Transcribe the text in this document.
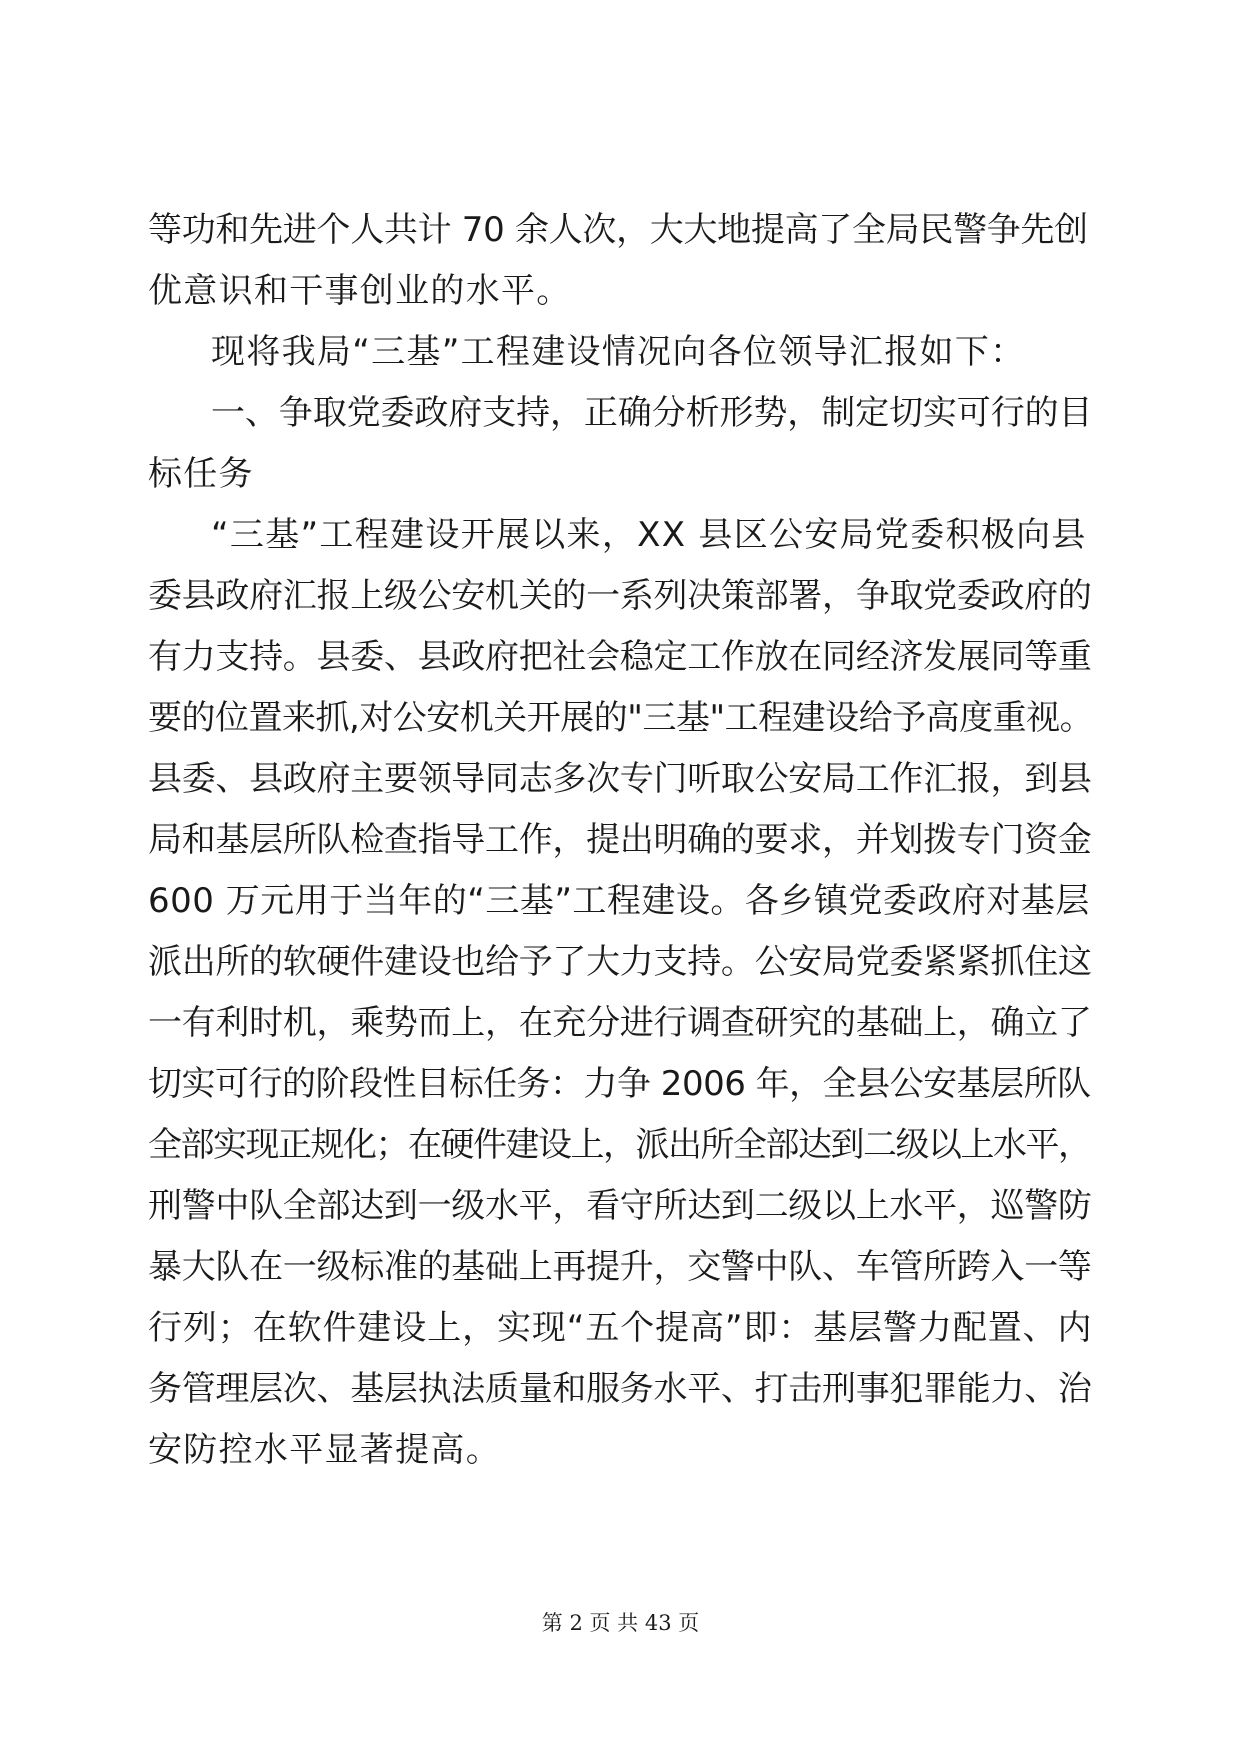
等功和先进个人共计 70 余人次，大大地提高了全局民警争先创
优意识和干事创业的水平。
现将我局“三基”工程建设情况向各位领导汇报如下：
一、争取党委政府支持，正确分析形势，制定切实可行的目
标任务
“三基”工程建设开展以来，XX 县区公安局党委积极向县
委县政府汇报上级公安机关的一系列决策部署，争取党委政府的
有力支持。县委、县政府把社会稳定工作放在同经济发展同等重
要的位置来抓,对公安机关开展的"三基"工程建设给予高度重视。
县委、县政府主要领导同志多次专门听取公安局工作汇报，到县
局和基层所队检查指导工作，提出明确的要求，并划拨专门资金
600 万元用于当年的“三基”工程建设。各乡镇党委政府对基层
派出所的软硬件建设也给予了大力支持。公安局党委紧紧抓住这
一有利时机，乘势而上，在充分进行调查研究的基础上，确立了
切实可行的阶段性目标任务：力争 2006 年，全县公安基层所队
全部实现正规化；在硬件建设上，派出所全部达到二级以上水平，
刑警中队全部达到一级水平，看守所达到二级以上水平，巡警防
暴大队在一级标准的基础上再提升，交警中队、车管所跨入一等
行列；在软件建设上，实现“五个提高”即：基层警力配置、内
务管理层次、基层执法质量和服务水平、打击刑事犯罪能力、治
安防控水平显著提高。
第 2 页 共 43 页
